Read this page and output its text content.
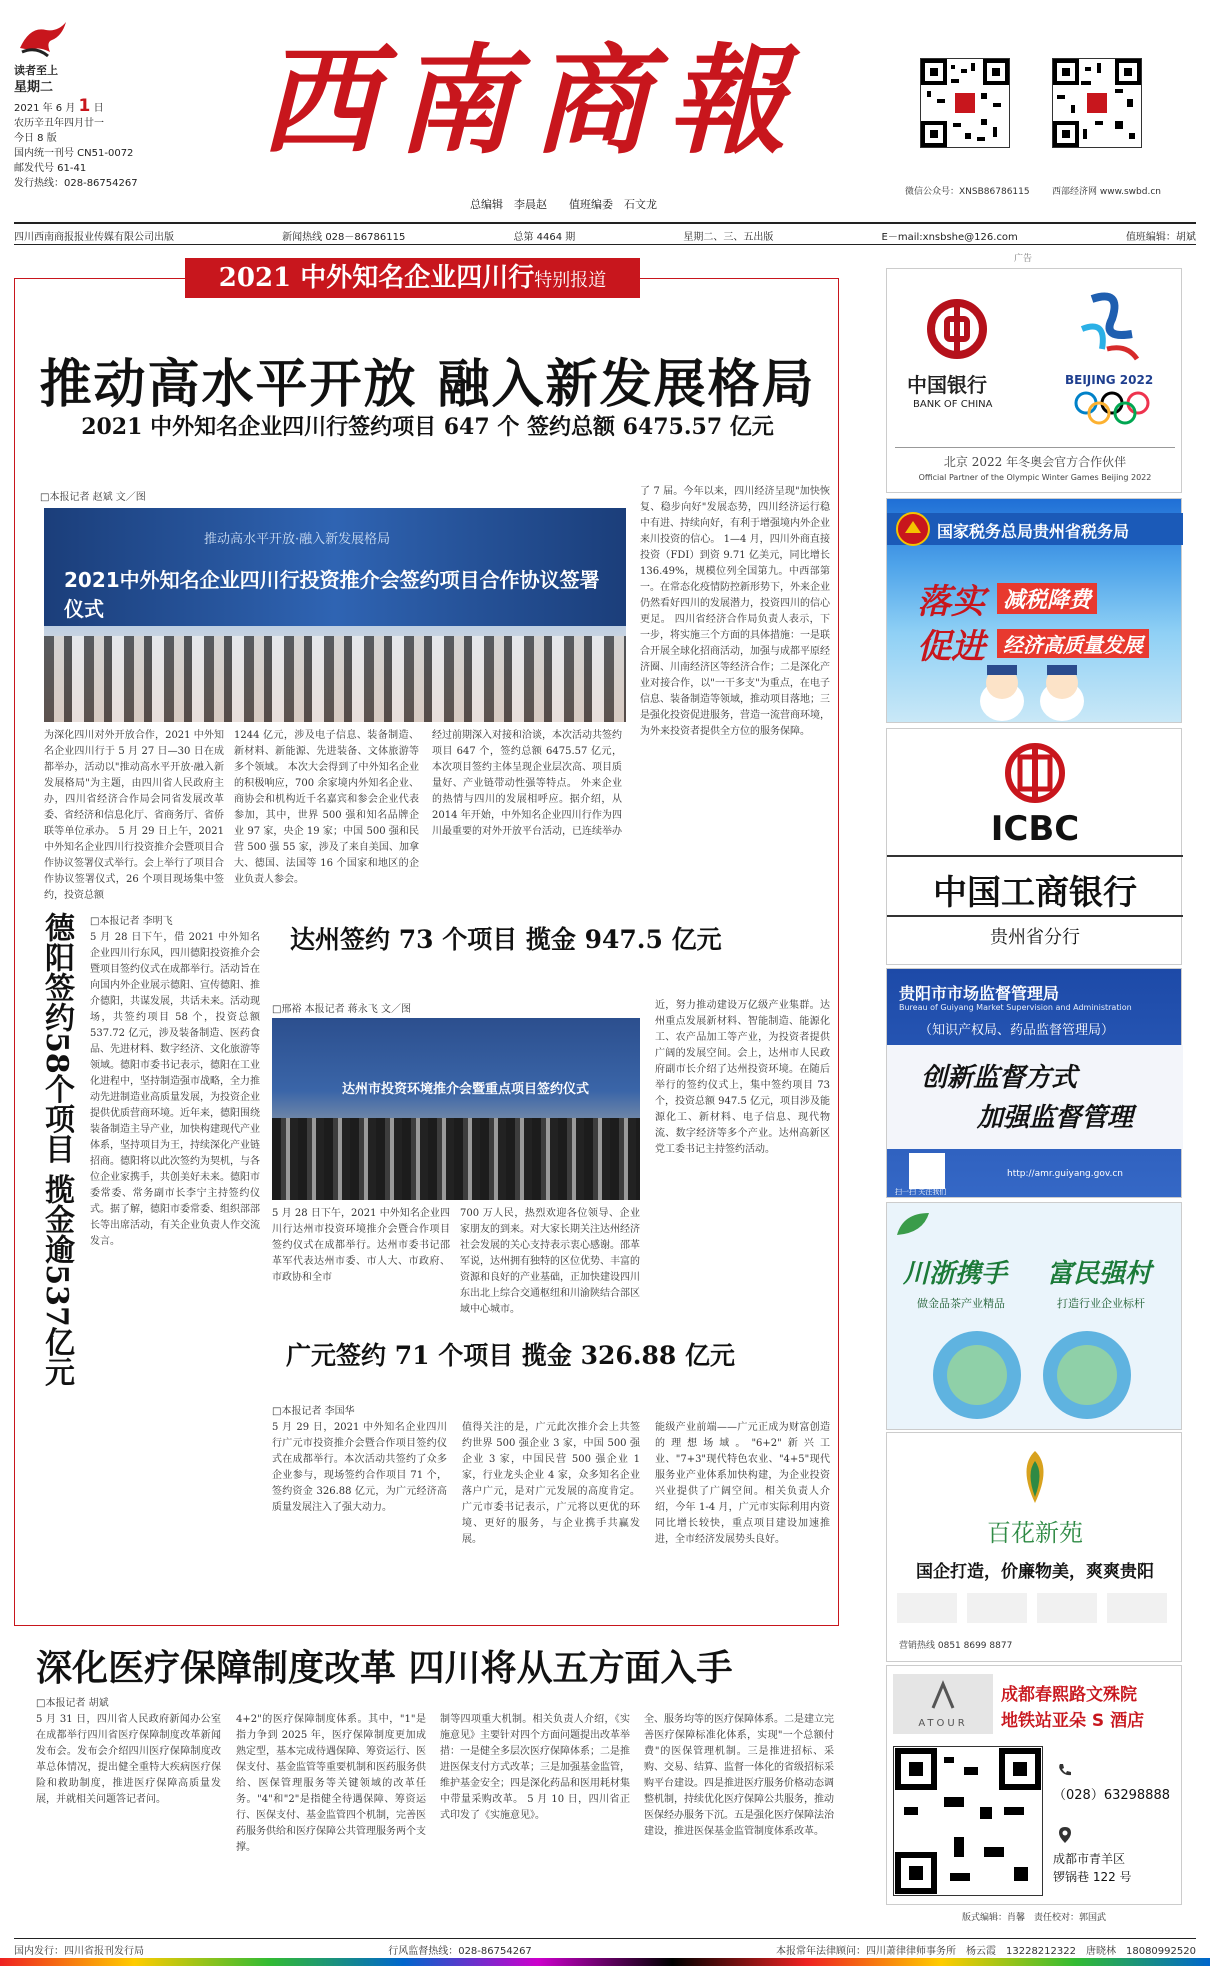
读者至上
星期二
2021 年 6 月 1 日
农历辛丑年四月廿一
今日 8 版
国内统一刊号 CN51-0072
邮发代号 61-41
发行热线：028-86754267
西南商報
总编辑　李晨赵　　值班编委　石文龙
微信公众号：XNSB86786115 西部经济网 www.swbd.cn
四川西南商报报业传媒有限公司出版	新闻热线 028－86786115	总第 4464 期	星期二、三、五出版	E－mail:xnsbshe@126.com	值班编辑：胡斌
2021 中外知名企业四川行特别报道
推动高水平开放 融入新发展格局
2021 中外知名企业四川行签约项目 647 个 签约总额 6475.57 亿元
□本报记者 赵斌 文／图
推动高水平开放·融入新发展格局
2021中外知名企业四川行投资推介会签约项目合作协议签署仪式
为深化四川对外开放合作，2021 中外知名企业四川行于 5 月 27 日—30 日在成都举办，活动以"推动高水平开放·融入新发展格局"为主题，由四川省人民政府主办，四川省经济合作局会同省发展改革委、省经济和信息化厅、省商务厅、省侨联等单位承办。 5 月 29 日上午，2021 中外知名企业四川行投资推介会暨项目合作协议签署仪式举行。会上举行了项目合作协议签署仪式，26 个项目现场集中签约，投资总额
1244 亿元，涉及电子信息、装备制造、新材料、新能源、先进装备、文体旅游等多个领域。 本次大会得到了中外知名企业的积极响应，700 余家境内外知名企业、商协会和机构近千名嘉宾和参会企业代表参加，其中，世界 500 强和知名品牌企业 97 家，央企 19 家；中国 500 强和民营 500 强 55 家，涉及了来自美国、加拿大、德国、法国等 16 个国家和地区的企业负责人参会。
经过前期深入对接和洽谈，本次活动共签约项目 647 个，签约总额 6475.57 亿元，本次项目签约主体呈现企业层次高、项目质量好、产业链带动性强等特点。 外来企业的热情与四川的发展相呼应。据介绍，从 2014 年开始，中外知名企业四川行作为四川最重要的对外开放平台活动，已连续举办
了 7 届。今年以来，四川经济呈现"加快恢复、稳步向好"发展态势，四川经济运行稳中有进、持续向好，有利于增强境内外企业来川投资的信心。 1—4 月，四川外商直接投资（FDI）到资 9.71 亿美元，同比增长 136.49%，规模位列全国第九。中西部第一。在常态化疫情防控新形势下，外来企业仍然看好四川的发展潜力，投资四川的信心更足。 四川省经济合作局负责人表示，下一步，将实施三个方面的具体措施：一是联合开展全球化招商活动，加强与成都平原经济圈、川南经济区等经济合作；二是深化产业对接合作，以"一干多支"为重点，在电子信息、装备制造等领域，推动项目落地；三是强化投资促进服务，营造一流营商环境，为外来投资者提供全方位的服务保障。
□本报记者 李明飞
德阳签约58个项目 揽金逾537亿元 5 月 28 日下午，借 2021 中外知名企业四川行东风，四川德阳投资推介会暨项目签约仪式在成都举行。活动旨在向国内外企业展示德阳、宣传德阳、推介德阳，共谋发展，共话未来。活动现场，共签约项目 58 个，投资总额 537.72 亿元，涉及装备制造、医药食品、先进材料、数字经济、文化旅游等领域。德阳市委书记表示，德阳在工业化进程中，坚持制造强市战略，全力推动先进制造业高质量发展，为投资企业提供优质营商环境。近年来，德阳围绕装备制造主导产业，加快构建现代产业体系，坚持项目为王，持续深化产业链招商。德阳将以此次签约为契机，与各位企业家携手，共创美好未来。德阳市委常委、常务副市长李宁主持签约仪式。据了解，德阳市委常委、组织部部长等出席活动，有关企业负责人作交流发言。
达州签约 73 个项目 揽金 947.5 亿元
□邢裕 本报记者 蒋永飞 文／图
达州市投资环境推介会暨重点项目签约仪式
5 月 28 日下午，2021 中外知名企业四川行达州市投资环境推介会暨合作项目签约仪式在成都举行。达州市委书记邵革军代表达州市委、市人大、市政府、市政协和全市
700 万人民，热烈欢迎各位领导、企业家朋友的到来。对大家长期关注达州经济社会发展的关心支持表示衷心感谢。邵革军说，达州拥有独特的区位优势、丰富的资源和良好的产业基础，正加快建设四川东出北上综合交通枢纽和川渝陕结合部区域中心城市。
近，努力推动建设万亿级产业集群。达州重点发展新材料、智能制造、能源化工、农产品加工等产业，为投资者提供广阔的发展空间。会上，达州市人民政府副市长介绍了达州投资环境。在随后举行的签约仪式上，集中签约项目 73 个，投资总额 947.5 亿元，项目涉及能源化工、新材料、电子信息、现代物流、数字经济等多个产业。达州高新区党工委书记主持签约活动。
广元签约 71 个项目 揽金 326.88 亿元
□本报记者 李国华
5 月 29 日，2021 中外知名企业四川行广元市投资推介会暨合作项目签约仪式在成都举行。本次活动共签约了众多企业参与，现场签约合作项目 71 个，签约资金 326.88 亿元，为广元经济高质量发展注入了强大动力。
值得关注的是，广元此次推介会上共签约世界 500 强企业 3 家，中国 500 强企业 3 家，中国民营 500 强企业 1 家，行业龙头企业 4 家，众多知名企业落户广元，是对广元发展的高度肯定。广元市委书记表示，广元将以更优的环境、更好的服务，与企业携手共赢发展。
能级产业前端——广元正成为财富创造的理想场域。"6+2"新兴工业、"7+3"现代特色农业、"4+5"现代服务业产业体系加快构建，为企业投资兴业提供了广阔空间。相关负责人介绍，今年 1-4 月，广元市实际利用内资同比增长较快，重点项目建设加速推进，全市经济发展势头良好。
深化医疗保障制度改革 四川将从五方面入手
□本报记者 胡斌
5 月 31 日，四川省人民政府新闻办公室在成都举行四川省医疗保障制度改革新闻发布会。发布会介绍四川医疗保障制度改革总体情况，提出健全重特大疾病医疗保险和救助制度，推进医疗保障高质量发展，并就相关问题答记者问。
4+2"的医疗保障制度体系。其中，"1"是指力争到 2025 年，医疗保障制度更加成熟定型，基本完成待遇保障、筹资运行、医保支付、基金监管等重要机制和医药服务供给、医保管理服务等关键领域的改革任务。"4"和"2"是指健全待遇保障、筹资运行、医保支付、基金监管四个机制，完善医药服务供给和医疗保障公共管理服务两个支撑。
制等四项重大机制。相关负责人介绍，《实施意见》主要针对四个方面问题提出改革举措：一是健全多层次医疗保障体系；二是推进医保支付方式改革；三是加强基金监管，维护基金安全；四是深化药品和医用耗材集中带量采购改革。 5 月 10 日，四川省正式印发了《实施意见》。
全、服务均等的医疗保障体系。二是建立完善医疗保障标准化体系，实现"一个总额付费"的医保管理机制。三是推进招标、采购、交易、结算、监督一体化的省级招标采购平台建设。四是推进医疗服务价格动态调整机制，持续优化医疗保障公共服务，推动医保经办服务下沉。五是强化医疗保障法治建设，推进医保基金监管制度体系改革。
广告
中国银行
BANK OF CHINA
BEIJING 2022
北京 2022 年冬奥会官方合作伙伴
Official Partner of the Olympic Winter Games Beijing 2022
国家税务总局贵州省税务局
落实 减税降费
促进 经济高质量发展
ICBC
中国工商银行
贵州省分行
贵阳市市场监督管理局
Bureau of Guiyang Market Supervision and Administration
（知识产权局、药品监督管理局）
创新监督方式
加强监督管理
扫一扫 关注我们
http://amr.guiyang.gov.cn
川浙携手 富民强村
做金品茶产业精品	打造行业企业标杆
百花新苑
国企打造，价廉物美，爽爽贵阳
营销热线 0851 8699 8877
ATOUR
成都春熙路文殊院
地铁站亚朵 S 酒店
（028）63298888
成都市青羊区
锣锅巷 122 号
版式编辑：肖馨　责任校对：郭国武
国内发行：四川省报刊发行局	行风监督热线：028-86754267	本报常年法律顾问：四川萧律律师事务所　杨云霞　13228212322　唐晓林　18080992520
